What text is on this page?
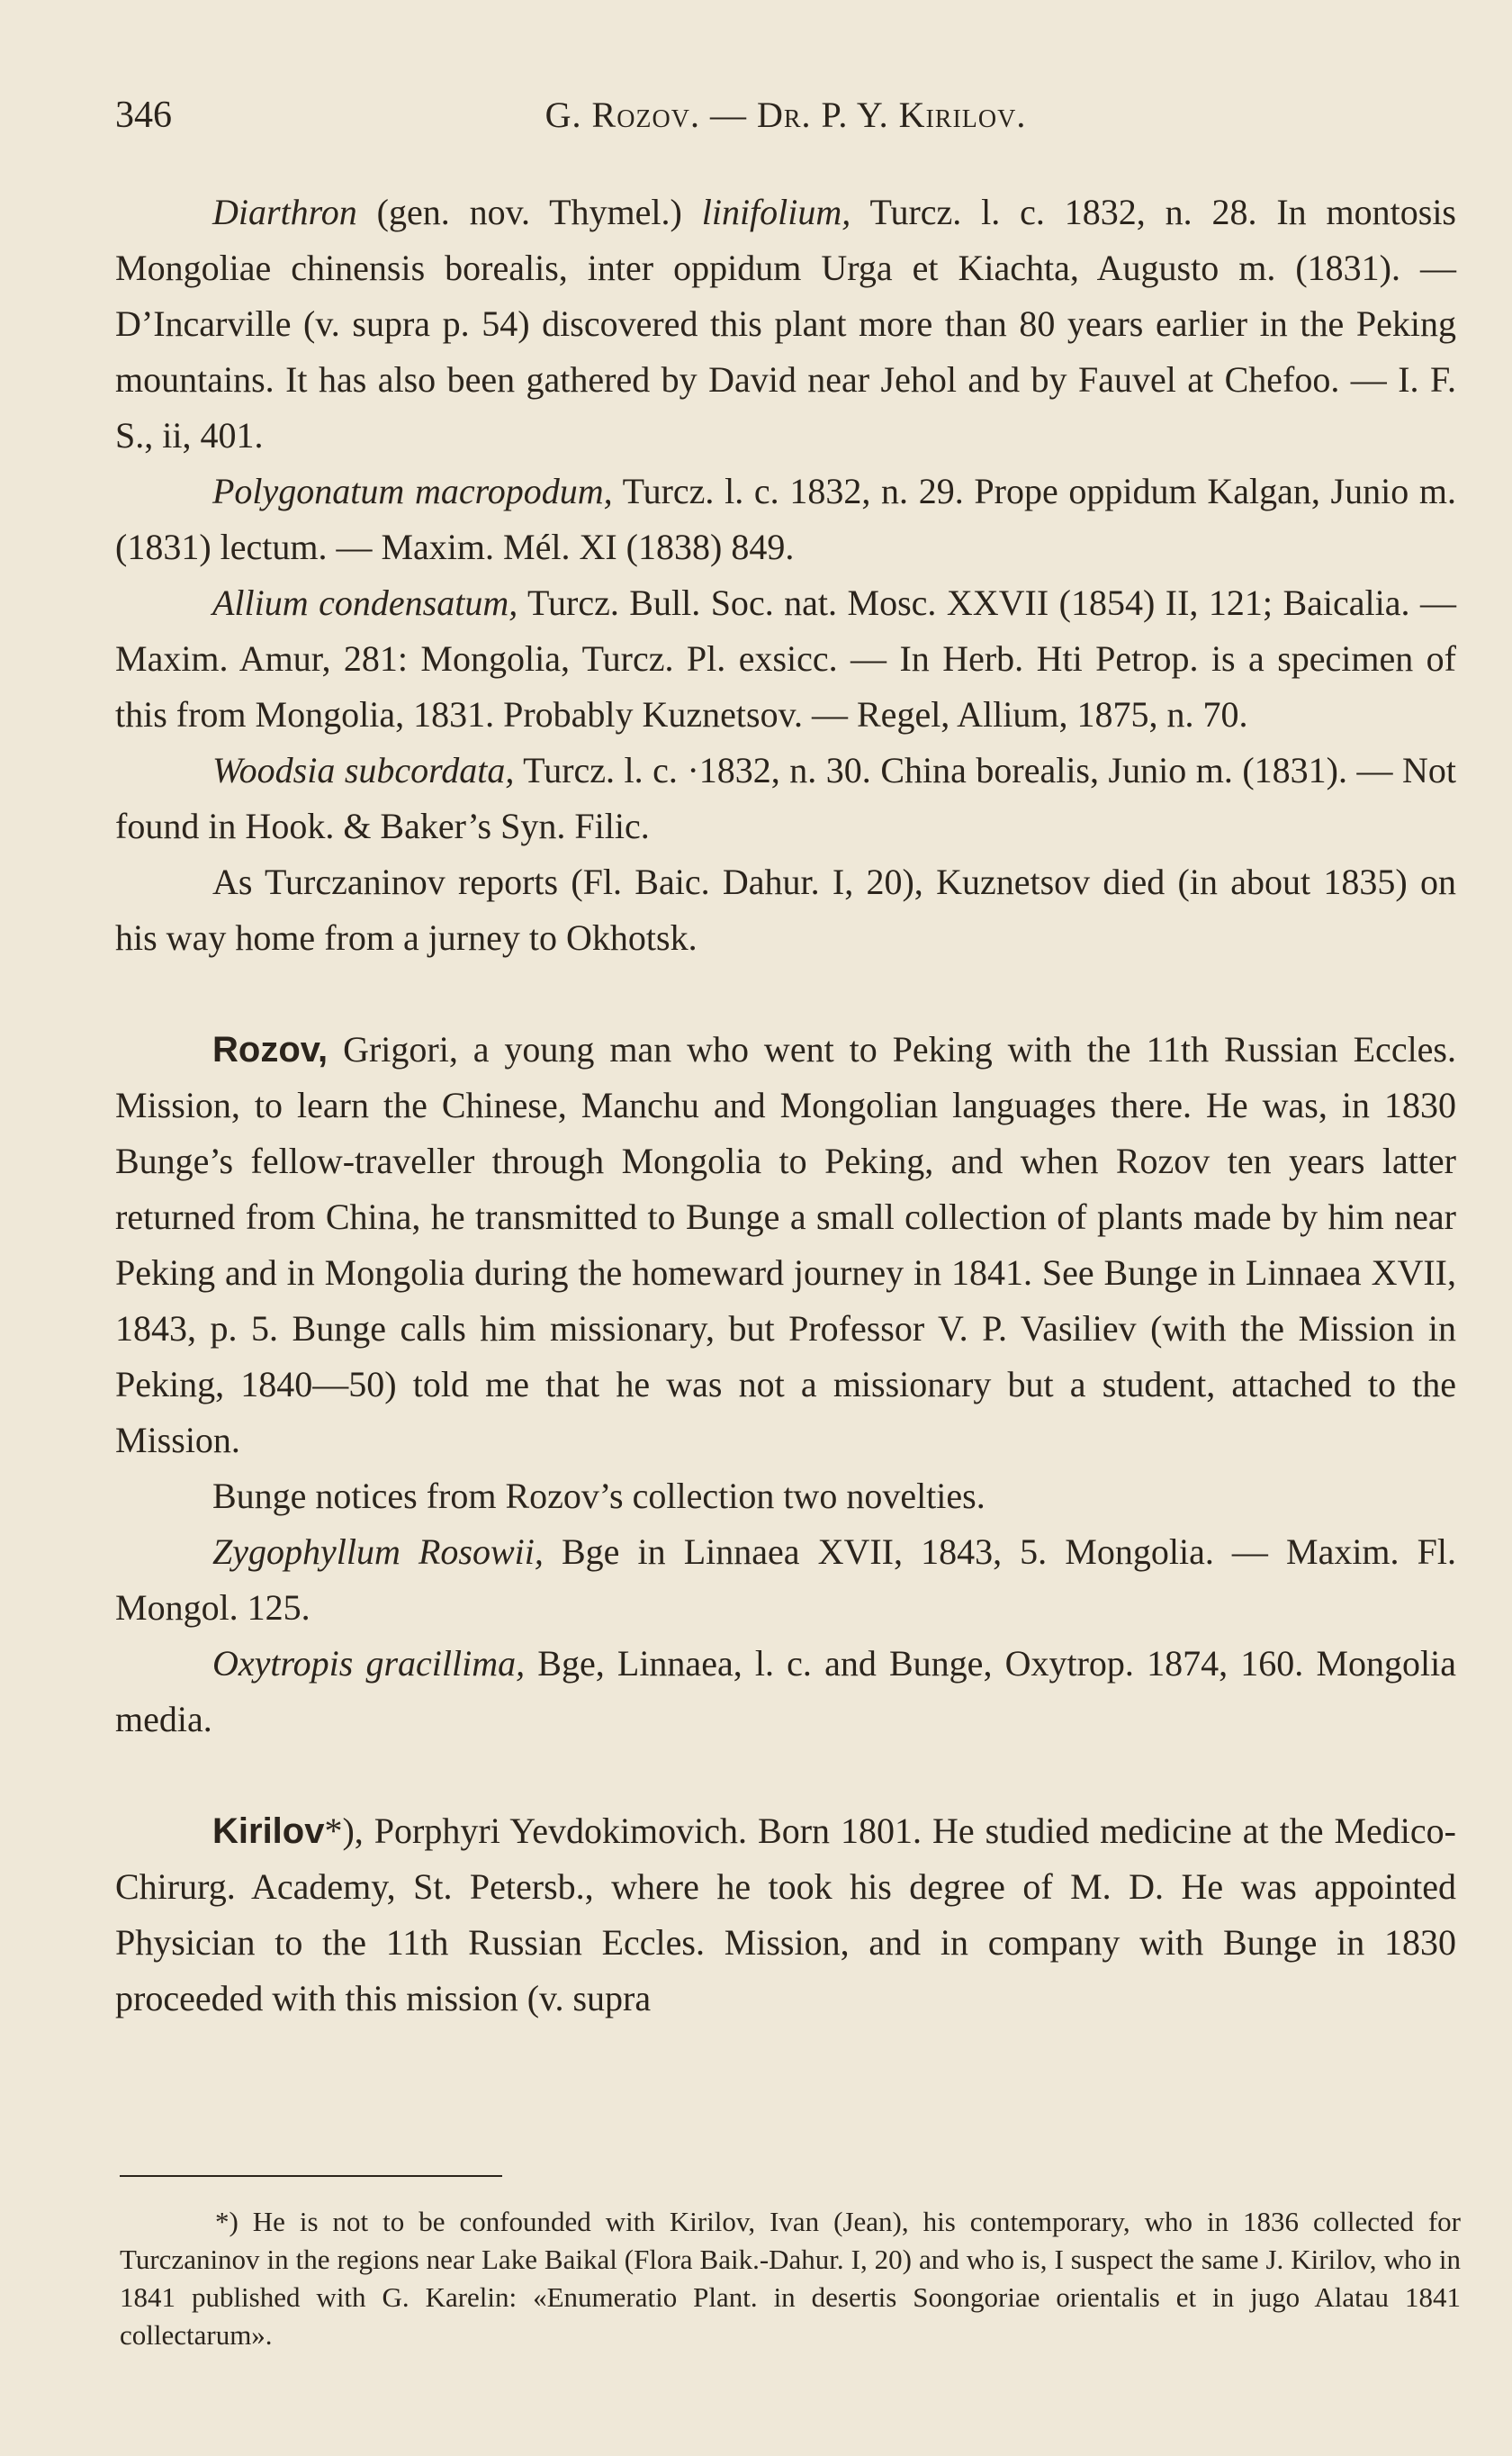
346	G. Rozov. — Dr. P. Y. Kirilov.

Diarthron (gen. nov. Thymel.) linifolium, Turcz. l. c. 1832, n. 28. In montosis Mongoliae chinensis borealis, inter oppidum Urga et Kiachta, Augusto m. (1831). — D’Incarville (v. supra p. 54) discovered this plant more than 80 years earlier in the Peking mountains. It has also been gathered by David near Jehol and by Fauvel at Chefoo. — I. F. S., ii, 401.

Polygonatum macropodum, Turcz. l. c. 1832, n. 29. Prope oppidum Kalgan, Junio m. (1831) lectum. — Maxim. Mél. XI (1838) 849.

Allium condensatum, Turcz. Bull. Soc. nat. Mosc. XXVII (1854) II, 121; Baicalia. — Maxim. Amur, 281: Mongolia, Turcz. Pl. exsicc. — In Herb. Hti Petrop. is a specimen of this from Mongolia, 1831. Probably Kuznetsov. — Regel, Allium, 1875, n. 70.

Woodsia subcordata, Turcz. l. c. ·1832, n. 30. China borealis, Junio m. (1831). — Not found in Hook. & Baker’s Syn. Filic.

As Turczaninov reports (Fl. Baic. Dahur. I, 20), Kuznetsov died (in about 1835) on his way home from a jurney to Okhotsk.

Rozov, Grigori, a young man who went to Peking with the 11th Russian Eccles. Mission, to learn the Chinese, Manchu and Mongolian languages there. He was, in 1830 Bunge’s fellow-traveller through Mongolia to Peking, and when Rozov ten years latter returned from China, he transmitted to Bunge a small collection of plants made by him near Peking and in Mongolia during the homeward journey in 1841. See Bunge in Linnaea XVII, 1843, p. 5. Bunge calls him missionary, but Professor V. P. Vasiliev (with the Mission in Peking, 1840—50) told me that he was not a missionary but a student, attached to the Mission.

Bunge notices from Rozov’s collection two novelties.

Zygophyllum Rosowii, Bge in Linnaea XVII, 1843, 5. Mongolia. — Maxim. Fl. Mongol. 125.

Oxytropis gracillima, Bge, Linnaea, l. c. and Bunge, Oxytrop. 1874, 160. Mongolia media.

Kirilov*), Porphyri Yevdokimovich. Born 1801. He studied medicine at the Medico-Chirurg. Academy, St. Petersb., where he took his degree of M. D. He was appointed Physician to the 11th Russian Eccles. Mission, and in company with Bunge in 1830 proceeded with this mission (v. supra

*) He is not to be confounded with Kirilov, Ivan (Jean), his contemporary, who in 1836 collected for Turczaninov in the regions near Lake Baikal (Flora Baik.-Dahur. I, 20) and who is, I suspect the same J. Kirilov, who in 1841 published with G. Karelin: «Enumeratio Plant. in desertis Soongoriae orientalis et in jugo Alatau 1841 collectarum».
